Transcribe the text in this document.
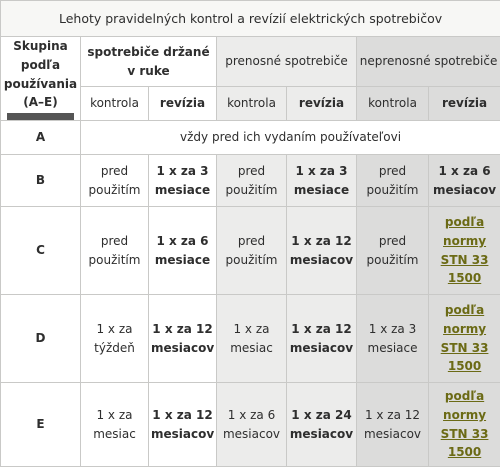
Lehoty pravidelných kontrol a revízií elektrických spotrebičov						
Skupina podľa používania (A–E)	spotrebiče držané v ruke		prenosné spotrebiče		neprenosné spotrebiče	
	kontrola	revízia	kontrola	revízia	kontrola	revízia
A	vždy pred ich vydaním používateľovi					
B	pred použitím	1 x za 3 mesiace	pred použitím	1 x za 3 mesiace	pred použitím	1 x za 6 mesiacov
C	pred použitím	1 x za 6 mesiace	pred použitím	1 x za 12 mesiacov	pred použitím	podľa normy STN 33 1500
D	1 x za týždeň	1 x za 12 mesiacov	1 x za mesiac	1 x za 12 mesiacov	1 x za 3 mesiace	podľa normy STN 33 1500
E	1 x za mesiac	1 x za 12 mesiacov	1 x za 6 mesiacov	1 x za 24 mesiacov	1 x za 12 mesiacov	podľa normy STN 33 1500
